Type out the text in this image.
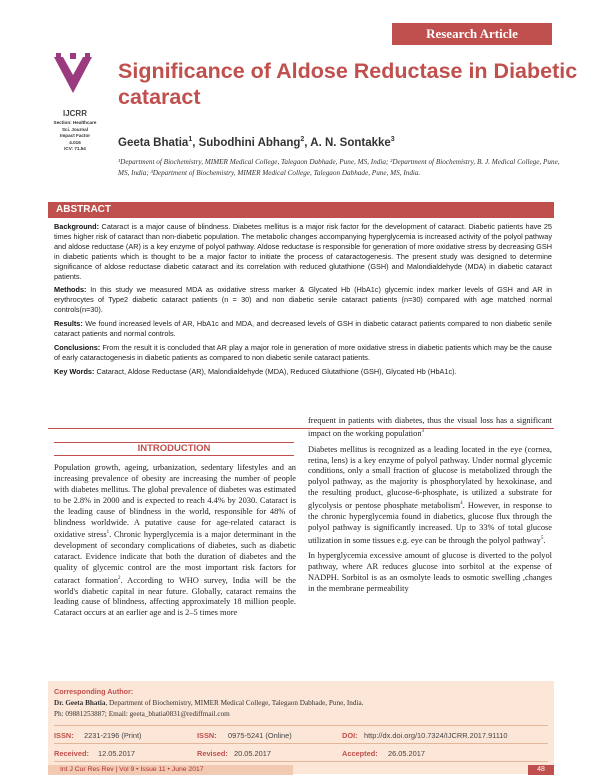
Research Article
IJCRR
Section: Healthcare
Sci. Journal
Impact Factor
4.016
ICV: 71.54
Significance of Aldose Reductase in Diabetic cataract
Geeta Bhatia$^1$, Subodhini Abhang$^2$, A. N. Sontakke$^3$
¹Department of Biochemistry, MIMER Medical College, Talegaon Dabhade, Pune, MS, India; ²Department of Biochemistry, B. J. Medical College, Pune, MS, India; ³Department of Biochemistry, MIMER Medical College, Talegaon Dabhade, Pune, MS, India.
ABSTRACT

Background: Cataract is a major cause of blindness. Diabetes mellitus is a major risk factor for the development of cataract. Diabetic patients have 25 times higher risk of cataract than non-diabetic population. The metabolic changes accompanying hyperglycemia is increased activity of the polyol pathway and aldose reductase (AR) is a key enzyme of polyol pathway. Aldose reductase is responsible for generation of more oxidative stress by decreasing GSH in diabetic patients which is thought to be a major factor to initiate the process of cataractogenesis. The present study was designed to determine significance of aldose reductase diabetic cataract and its correlation with reduced glutathione (GSH) and Malondialdehyde (MDA) in diabetic cataract patients.

Methods: In this study we measured MDA as oxidative stress marker & Glycated Hb (HbA1c) glycemic index marker levels of GSH and AR in erythrocytes of Type2 diabetic cataract patients (n = 30) and non diabetic senile cataract patients (n=30) compared with age matched normal controls(n=30).

Results: We found increased levels of AR, HbA1c and MDA, and decreased levels of GSH in diabetic cataract patients compared to non diabetic senile cataract patients and normal controls.

Conclusions: From the result it is concluded that AR play a major role in generation of more oxidative stress in diabetic patients which may be the cause of early cataractogenesis in diabetic patients as compared to non diabetic senile cataract patients.

Key Words: Cataract, Aldose Reductase (AR), Malondialdehyde (MDA), Reduced Glutathione (GSH), Glycated Hb (HbA1c).

INTRODUCTION

Population growth, ageing, urbanization, sedentary lifestyles and an increasing prevalence of obesity are increasing the number of people with diabetes mellitus. The global prevalence of diabetes was estimated to be 2.8% in 2000 and is expected to reach 4.4% by 2030. Cataract is the leading cause of blindness in the world, responsible for 48% of blindness worldwide. A putative cause for age-related cataract is oxidative stress$^1$. Chronic hyperglycemia is a major determinant in the development of secondary complications of diabetes, such as diabetic cataract. Evidence indicate that both the duration of diabetes and the quality of glycemic control are the most important risk factors for cataract formation$^2$. According to WHO survey, India will be the world's diabetic capital in near future. Globally, cataract remains the leading cause of blindness, affecting approximately 18 million people. Cataract occurs at an earlier age and is 2–5 times more

frequent in patients with diabetes, thus the visual loss has a significant impact on the working population$^3$

Diabetes mellitus is recognized as a leading located in the eye (cornea, retina, lens) is a key enzyme of polyol pathway. Under normal glycemic conditions, only a small fraction of glucose is metabolized through the polyol pathway, as the majority is phosphorylated by hexokinase, and the resulting product, glucose-6-phosphate, is utilized a substrate for glycolysis or pentose phosphate metabolism$^4$. However, in response to the chronic hyperglycemia found in diabetics, glucose flux through the polyol pathway is significantly increased. Up to 33% of total glucose utilization in some tissues e.g. eye can be through the polyol pathway$^5$.

In hyperglycemia excessive amount of glucose is diverted to the polyol pathway, where AR reduces glucose into sorbitol at the expense of NADPH. Sorbitol is as an osmolyte leads to osmotic swelling ,changes in the membrane permeability

Corresponding Author:
Dr. Geeta Bhatia, Department of Biochemistry, MIMER Medical College, Talegaon Dabhade, Pune, India.
Ph: 09881253887; Email: geeta_bhatia0831@rediffmail.com
ISSN: 2231-2196 (Print)	ISSN: 0975-5241 (Online)	DOI: http://dx.doi.org/10.7324/IJCRR.2017.91110
Received: 12.05.2017	Revised: 20.05.2017	Accepted: 26.05.2017
Int J Cur Res Rev | Vol 9 • Issue 11 • June 2017	48
